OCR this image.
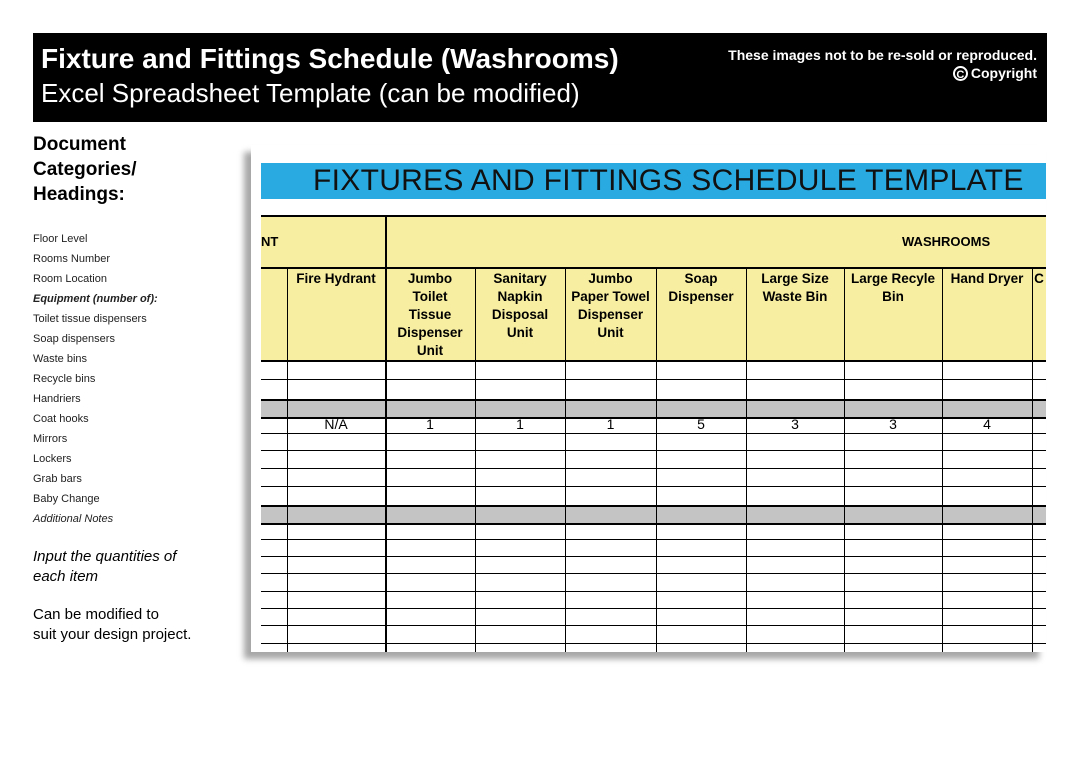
Fixture and Fittings Schedule (Washrooms)
Excel Spreadsheet Template (can be modified)
These images not to be re-sold or reproduced.
C Copyright
Document
Categories/
Headings:
Floor Level
Rooms Number
Room Location
Equipment (number of):
Toilet tissue dispensers
Soap dispensers
Waste bins
Recycle bins
Handriers
Coat hooks
Mirrors
Lockers
Grab bars
Baby Change
Additional Notes
Input the quantities of
each item
Can be modified to
suit your design project.
FIXTURES AND FITTINGS SCHEDULE TEMPLATE
NT	WASHROOMS
Fire Hydrant
N/A
Jumbo
Toilet
Tissue
Dispenser
Unit
1
Sanitary
Napkin
Disposal
Unit
1
Jumbo
Paper Towel
Dispenser
Unit
1
Soap
Dispenser
5
Large Size
Waste Bin
3
Large Recyle
Bin
3
Hand Dryer
4
C
